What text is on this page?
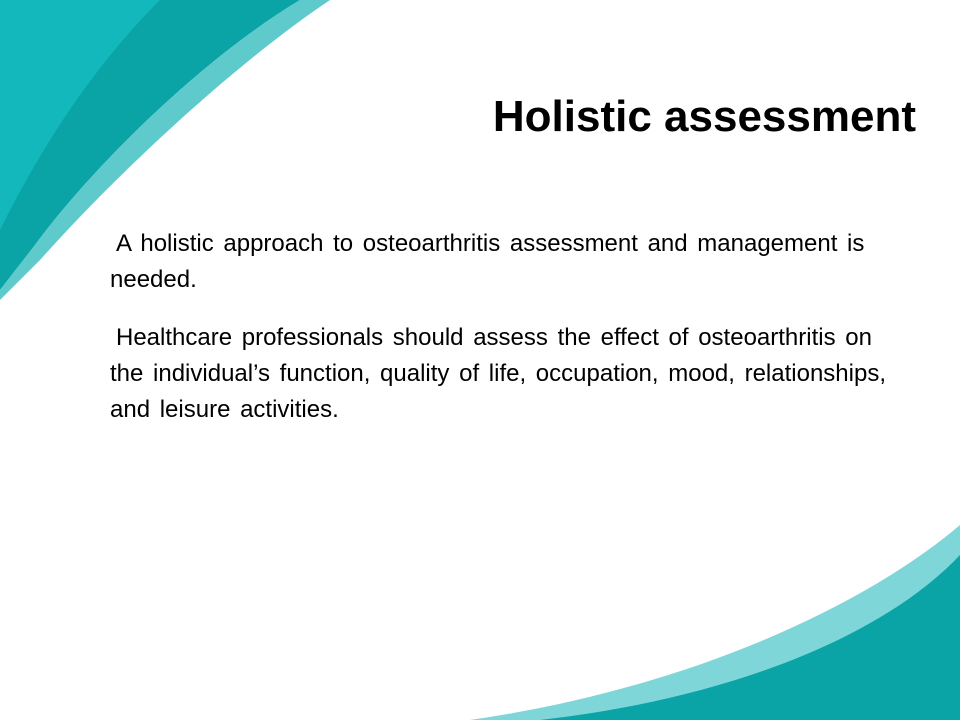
Holistic assessment

A holistic approach to osteoarthritis assessment and management is needed.

Healthcare professionals should assess the effect of osteoarthritis on the individual’s function, quality of life, occupation, mood, relationships, and leisure activities.
